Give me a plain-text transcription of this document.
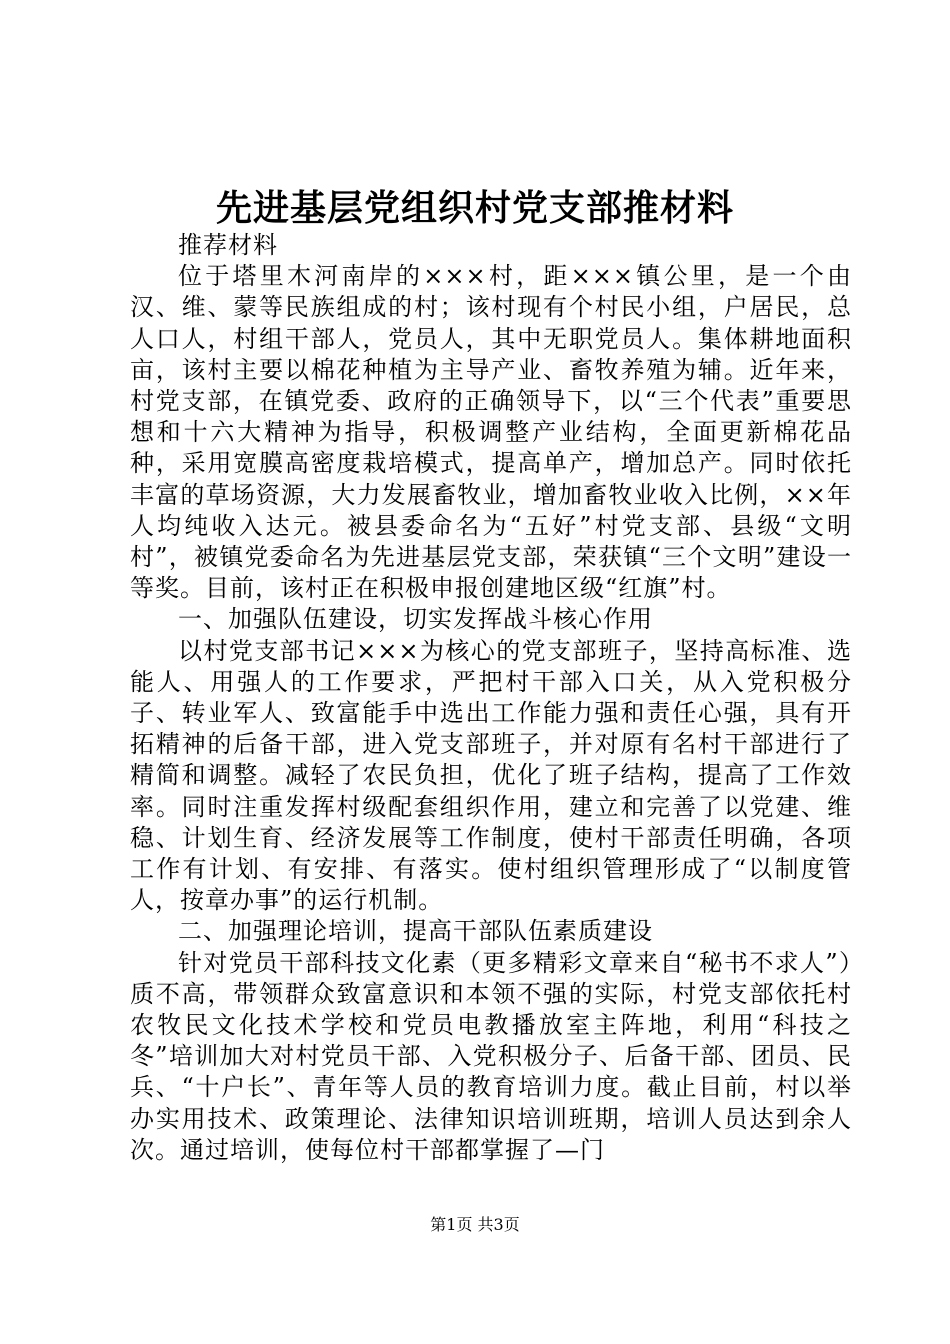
先进基层党组织村党支部推材料

推荐材料

位于塔里木河南岸的×××村，距×××镇公里，是一个由汉、维、蒙等民族组成的村；该村现有个村民小组，户居民，总人口人，村组干部人，党员人，其中无职党员人。集体耕地面积亩，该村主要以棉花种植为主导产业、畜牧养殖为辅。近年来，村党支部，在镇党委、政府的正确领导下，以“三个代表”重要思想和十六大精神为指导，积极调整产业结构，全面更新棉花品种，采用宽膜高密度栽培模式，提高单产，增加总产。同时依托丰富的草场资源，大力发展畜牧业，增加畜牧业收入比例，××年人均纯收入达元。被县委命名为“五好”村党支部、县级“文明村”，被镇党委命名为先进基层党支部，荣获镇“三个文明”建设一等奖。目前，该村正在积极申报创建地区级“红旗”村。

一、加强队伍建设，切实发挥战斗核心作用

以村党支部书记×××为核心的党支部班子，坚持高标准、选能人、用强人的工作要求，严把村干部入口关，从入党积极分子、转业军人、致富能手中选出工作能力强和责任心强，具有开拓精神的后备干部，进入党支部班子，并对原有名村干部进行了精简和调整。减轻了农民负担，优化了班子结构，提高了工作效率。同时注重发挥村级配套组织作用，建立和完善了以党建、维稳、计划生育、经济发展等工作制度，使村干部责任明确，各项工作有计划、有安排、有落实。使村组织管理形成了“以制度管人，按章办事”的运行机制。

二、加强理论培训，提高干部队伍素质建设

针对党员干部科技文化素（更多精彩文章来自“秘书不求人”）质不高，带领群众致富意识和本领不强的实际，村党支部依托村农牧民文化技术学校和党员电教播放室主阵地，利用“科技之冬”培训加大对村党员干部、入党积极分子、后备干部、团员、民兵、“十户长”、青年等人员的教育培训力度。截止目前，村以举办实用技术、政策理论、法律知识培训班期，培训人员达到余人次。通过培训，使每位村干部都掌握了—门

第1页 共3页
